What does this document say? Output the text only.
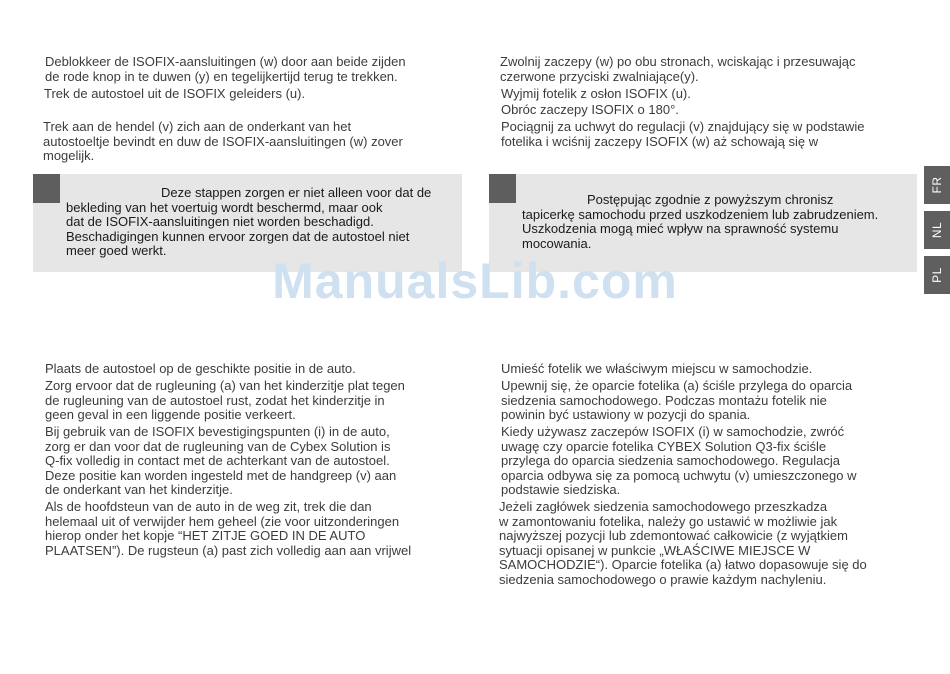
Deblokkeer de ISOFIX-aansluitingen (w) door aan beide zijden
de rode knop in te duwen (y) en tegelijkertijd terug te trekken.

Trek de autostoel uit de ISOFIX geleiders (u).

Trek aan de hendel (v) zich aan de onderkant van het
autostoeltje bevindt en duw de ISOFIX-aansluitingen (w) zover
mogelijk.

Deze stappen zorgen er niet alleen voor dat de
bekleding van het voertuig wordt beschermd, maar ook
dat de ISOFIX-aansluitingen niet worden beschadigd.
Beschadigingen kunnen ervoor zorgen dat de autostoel niet
meer goed werkt.

Zwolnij zaczepy (w) po obu stronach, wciskając i przesuwając
czerwone przyciski zwalniające(y).

Wyjmij fotelik z osłon ISOFIX (u).

Obróc zaczepy ISOFIX o 180°.

Pociągnij za uchwyt do regulacji (v) znajdujący się w podstawie
fotelika i wciśnij zaczepy ISOFIX (w) aż schowają się w

Postępując zgodnie z powyższym chronisz
tapicerkę samochodu przed uszkodzeniem lub zabrudzeniem.
Uszkodzenia mogą mieć wpływ na sprawność systemu
mocowania.

FR
NL
PL
ManualsLib.com

Plaats de autostoel op de geschikte positie in de auto.

Zorg ervoor dat de rugleuning (a) van het kinderzitje plat tegen
de rugleuning van de autostoel rust, zodat het kinderzitje in
geen geval in een liggende positie verkeert.

Bij gebruik van de ISOFIX bevestigingspunten (i) in de auto,
zorg er dan voor dat de rugleuning van de Cybex Solution is
Q-fix volledig in contact met de achterkant van de autostoel.
Deze positie kan worden ingesteld met de handgreep (v) aan
de onderkant van het kinderzitje.

Als de hoofdsteun van de auto in de weg zit, trek die dan
helemaal uit of verwijder hem geheel (zie voor uitzonderingen
hierop onder het kopje “HET ZITJE GOED IN DE AUTO
PLAATSEN”). De rugsteun (a) past zich volledig aan aan vrijwel

Umieść fotelik we właściwym miejscu w samochodzie.

Upewnij się, że oparcie fotelika (a) ściśle przylega do oparcia
siedzenia samochodowego. Podczas montażu fotelik nie
powinin być ustawiony w pozycji do spania.

Kiedy używasz zaczepów ISOFIX (i) w samochodzie, zwróć
uwagę czy oparcie fotelika CYBEX Solution Q3-fix ściśle
przylega do oparcia siedzenia samochodowego. Regulacja
oparcia odbywa się za pomocą uchwytu (v) umieszczonego w
podstawie siedziska.

Jeżeli zagłówek siedzenia samochodowego przeszkadza
w zamontowaniu fotelika, należy go ustawić w możliwie jak
najwyższej pozycji lub zdemontować całkowicie (z wyjątkiem
sytuacji opisanej w punkcie „WŁAŚCIWE MIEJSCE W
SAMOCHODZIE“). Oparcie fotelika (a) łatwo dopasowuje się do
siedzenia samochodowego o prawie każdym nachyleniu.
